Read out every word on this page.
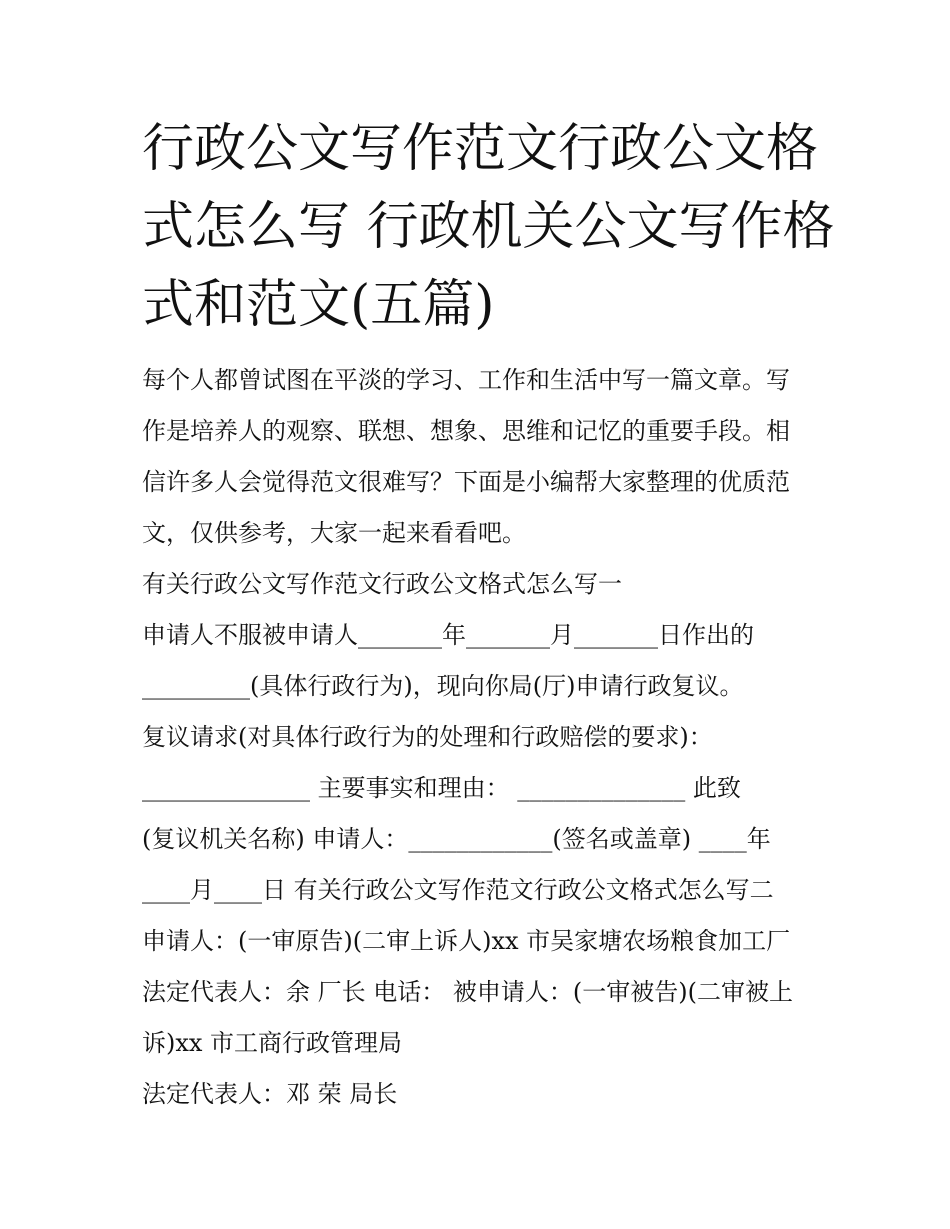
行政公文写作范文行政公文格
式怎么写 行政机关公文写作格
式和范文(五篇)
每个人都曾试图在平淡的学习、工作和生活中写一篇文章。写
作是培养人的观察、联想、想象、思维和记忆的重要手段。相
信许多人会觉得范文很难写？下面是小编帮大家整理的优质范
文，仅供参考，大家一起来看看吧。
有关行政公文写作范文行政公文格式怎么写一
申请人不服被申请人_______年_______月_______日作出的
_________(具体行政行为)，现向你局(厅)申请行政复议。
复议请求(对具体行政行为的处理和行政赔偿的要求)：
______________ 主要事实和理由： ______________ 此致
(复议机关名称) 申请人：____________(签名或盖章) ____年
____月____日 有关行政公文写作范文行政公文格式怎么写二
申请人：(一审原告)(二审上诉人)xx 市吴家塘农场粮食加工厂
法定代表人：余 厂长 电话： 被申请人：(一审被告)(二审被上
诉)xx 市工商行政管理局
法定代表人：邓 荣 局长
